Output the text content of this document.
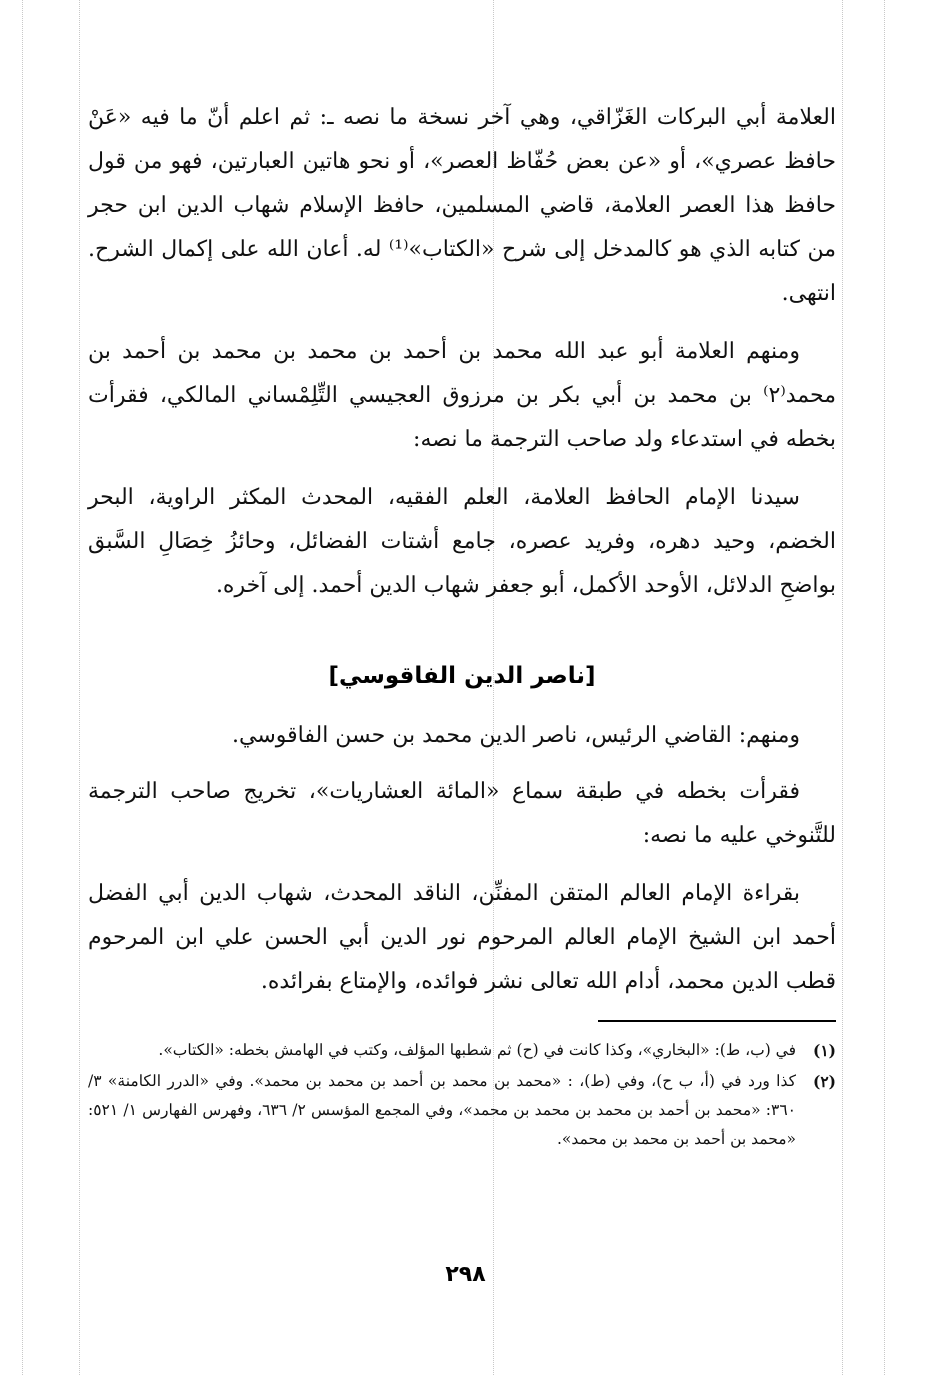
العلامة أبي البركات الغَزّاقي، وهي آخر نسخة ما نصه ـ: ثم اعلم أنّ ما فيه «عَنْ حافظ عصري»، أو «عن بعض حُفّاظ العصر»، أو نحو هاتين العبارتين، فهو من قول حافظ هذا العصر العلامة، قاضي المسلمين، حافظ الإسلام شهاب الدين ابن حجر من كتابه الذي هو كالمدخل إلى شرح «الكتاب»⁽¹⁾ له. أعان الله على إكمال الشرح. انتهى.

ومنهم العلامة أبو عبد الله محمد بن أحمد بن محمد بن محمد بن أحمد بن محمد⁽٢⁾ بن محمد بن أبي بكر بن مرزوق العجيسي التِّلِمْساني المالكي، فقرأت بخطه في استدعاء ولد صاحب الترجمة ما نصه:

سيدنا الإمام الحافظ العلامة، العلم الفقيه، المحدث المكثر الراوية، البحر الخضم، وحيد دهره، وفريد عصره، جامع أشتات الفضائل، وحائزُ خِصَالِ السَّبق بواضحِ الدلائل، الأوحد الأكمل، أبو جعفر شهاب الدين أحمد. إلى آخره.

[ناصر الدين الفاقوسي]

ومنهم: القاضي الرئيس، ناصر الدين محمد بن حسن الفاقوسي.

فقرأت بخطه في طبقة سماع «المائة العشاريات»، تخريج صاحب الترجمة للتَّنوخي عليه ما نصه:

بقراءة الإمام العالم المتقن المفنِّن، الناقد المحدث، شهاب الدين أبي الفضل أحمد ابن الشيخ الإمام العالم المرحوم نور الدين أبي الحسن علي ابن المرحوم قطب الدين محمد، أدام الله تعالى نشر فوائده، والإمتاع بفرائده.

(١)
في (ب، ط): «البخاري»، وكذا كانت في (ح) ثم شطبها المؤلف، وكتب في الهامش بخطه: «الكتاب».
(٢)
كذا ورد في (أ، ب ح)، وفي (ط)، : «محمد بن محمد بن أحمد بن محمد بن محمد». وفي «الدرر الكامنة» ٣/ ٣٦٠: «محمد بن أحمد بن محمد بن محمد بن محمد»، وفي المجمع المؤسس ٢/ ٦٣٦، وفهرس الفهارس ١/ ٥٢١: «محمد بن أحمد بن محمد بن محمد».
٢٩٨
